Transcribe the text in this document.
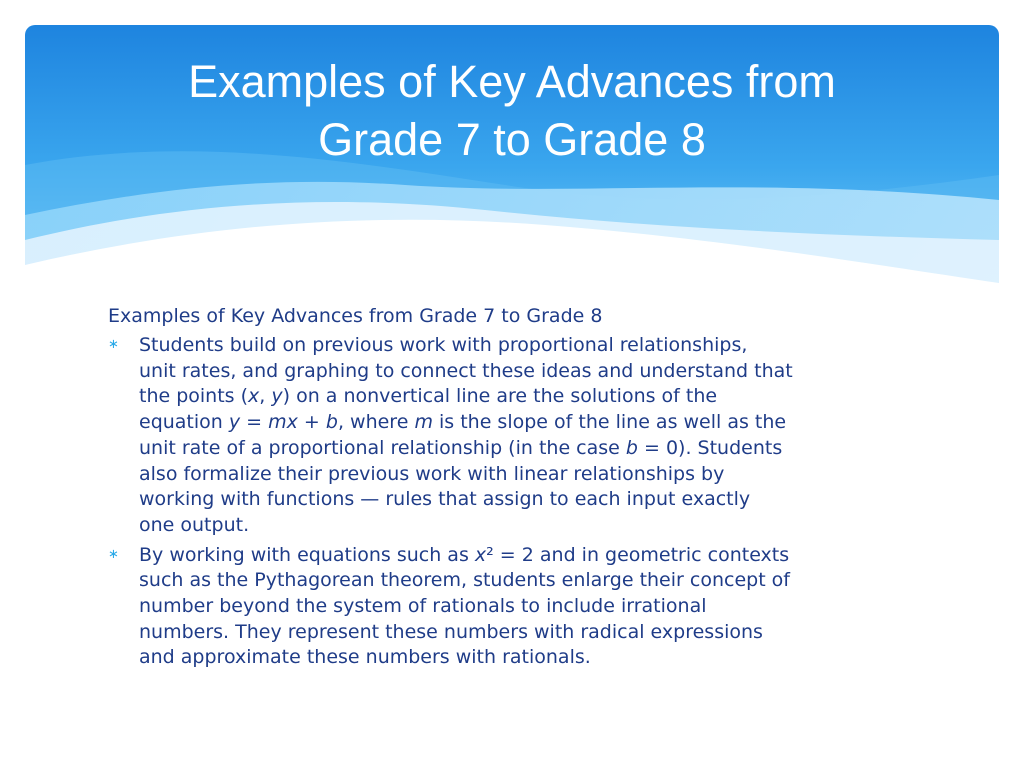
Examples of Key Advances from
Grade 7 to Grade 8

Examples of Key Advances from Grade 7 to Grade 8

∗ Students build on previous work with proportional relationships,
unit rates, and graphing to connect these ideas and understand that
the points (x, y) on a nonvertical line are the solutions of the
equation y = mx + b, where m is the slope of the line as well as the
unit rate of a proportional relationship (in the case b = 0). Students
also formalize their previous work with linear relationships by
working with functions — rules that assign to each input exactly
one output.
∗ By working with equations such as x² = 2 and in geometric contexts
such as the Pythagorean theorem, students enlarge their concept of
number beyond the system of rationals to include irrational
numbers. They represent these numbers with radical expressions
and approximate these numbers with rationals.
